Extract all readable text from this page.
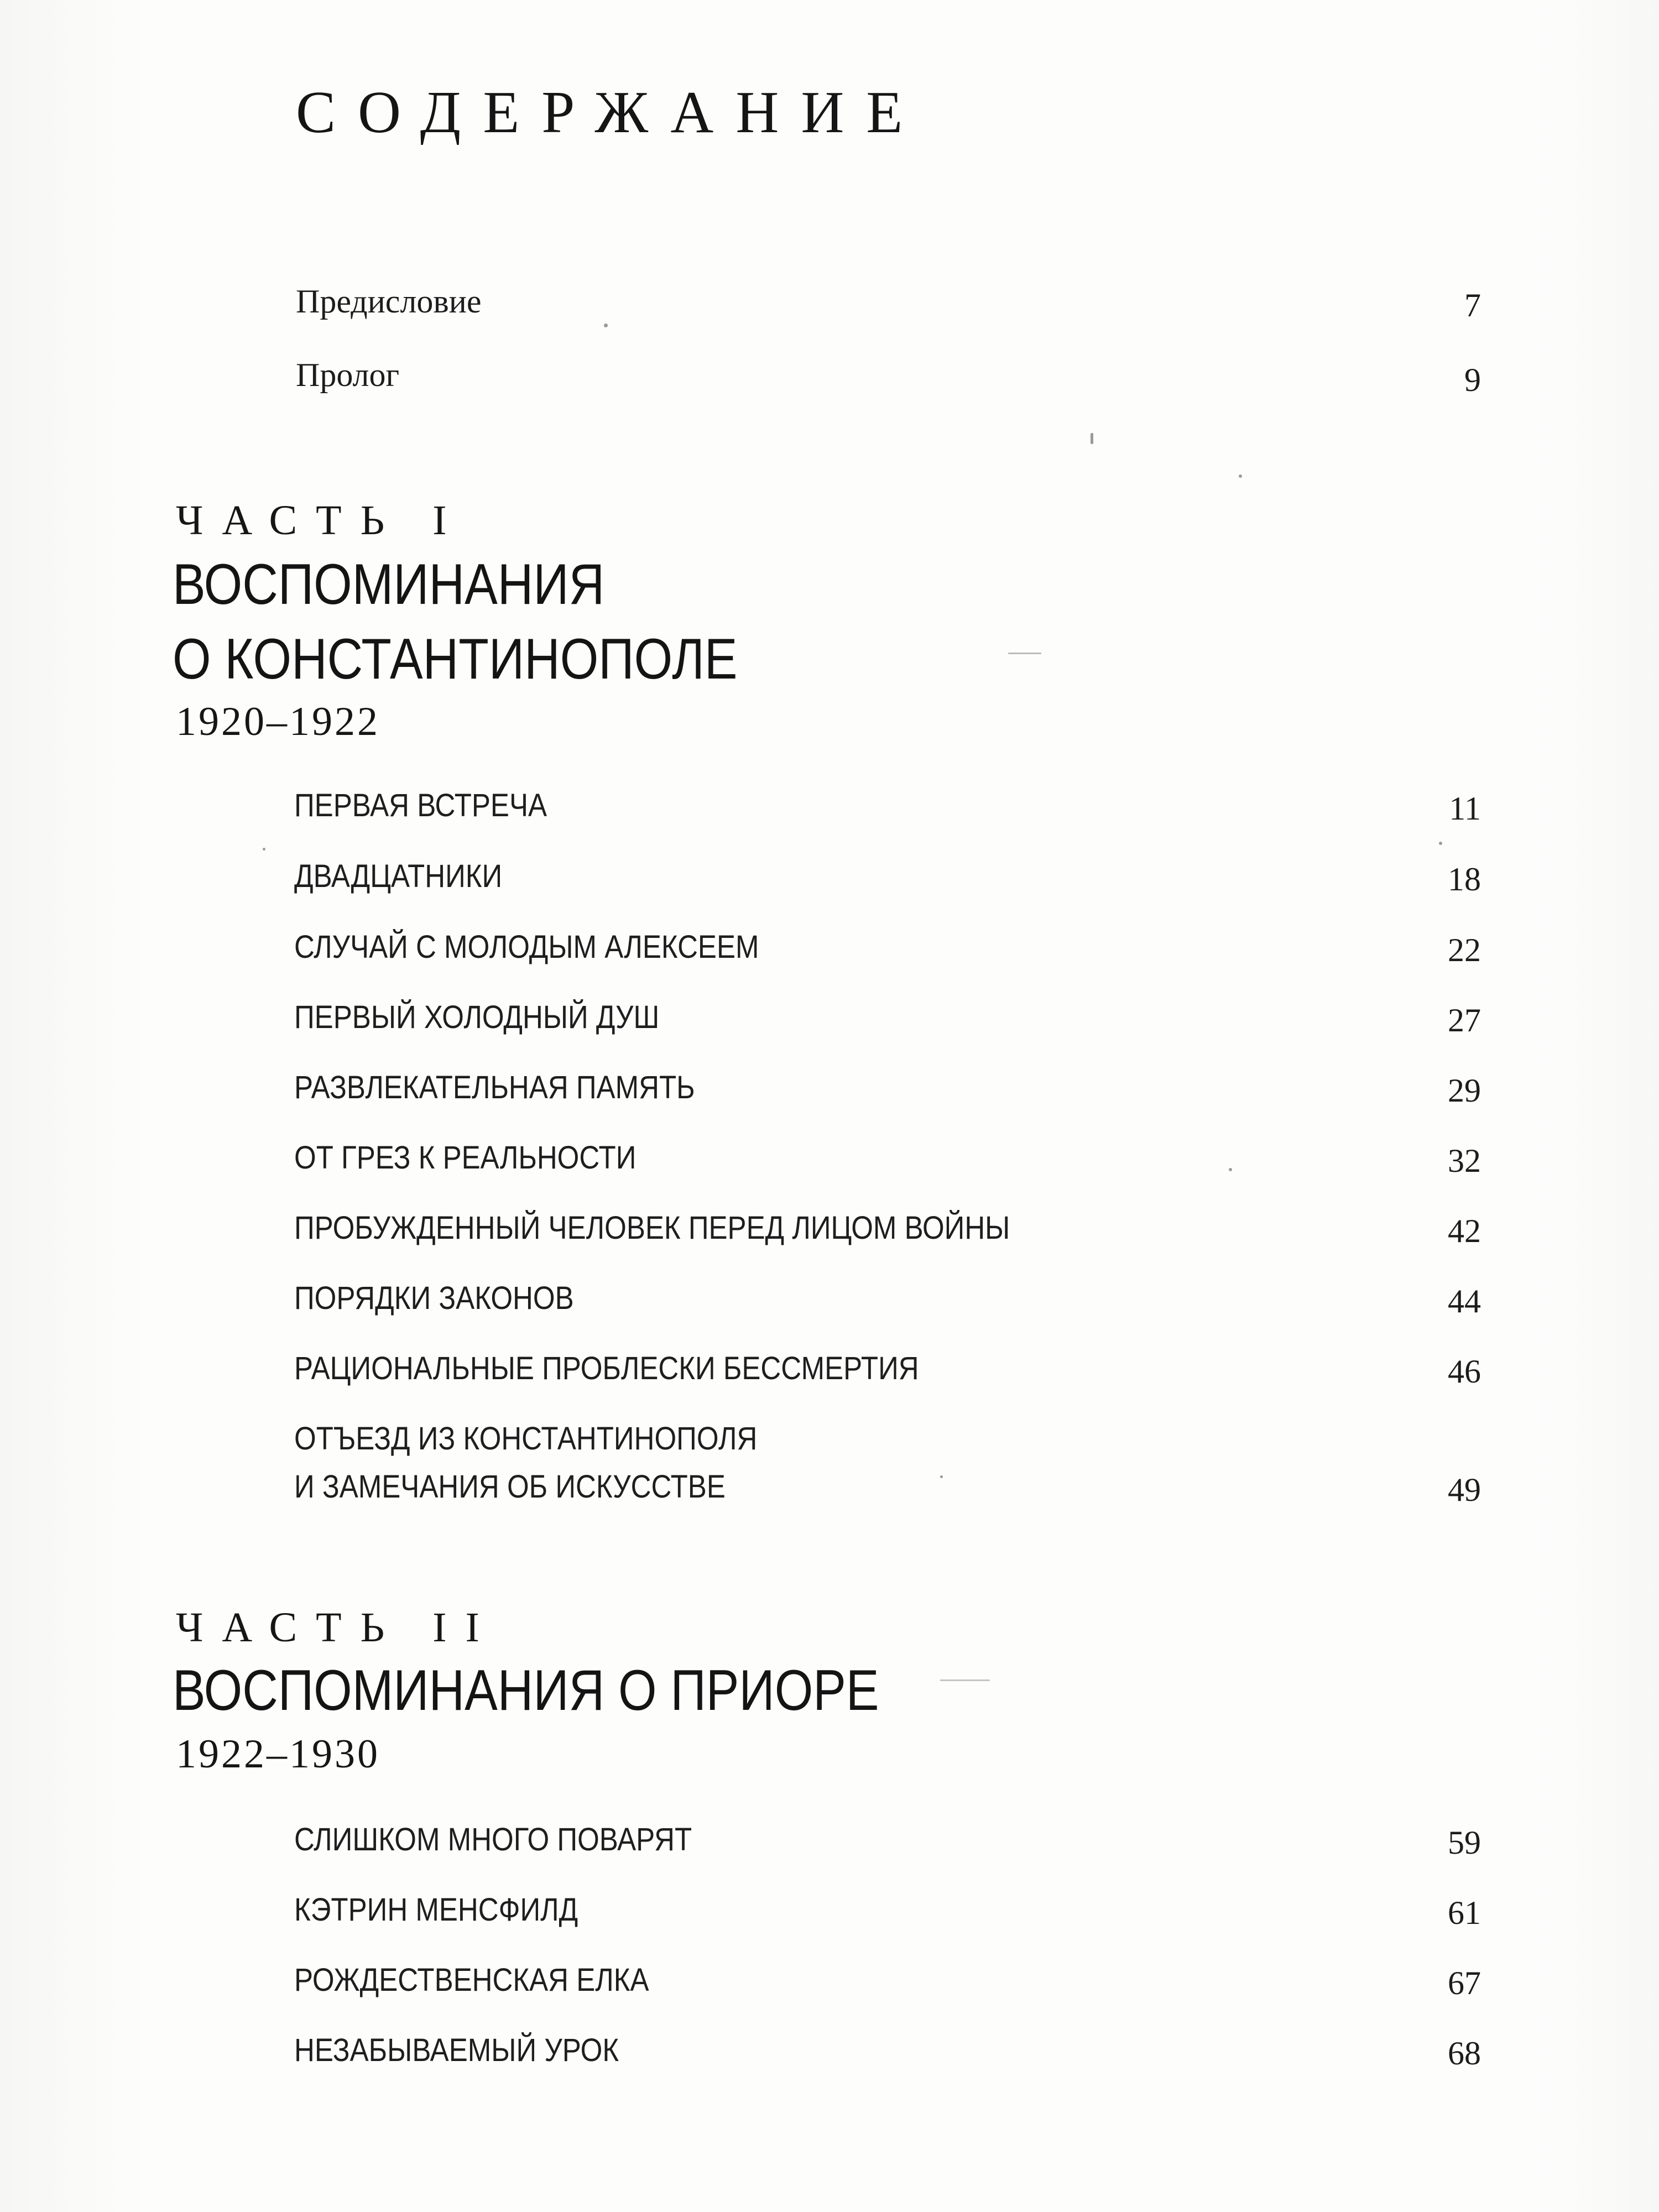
СОДЕРЖАНИЕ
Предисловие	7
Пролог	9
ЧАСТЬ I
ВОСПОМИНАНИЯ
О КОНСТАНТИНОПОЛЕ
1920–1922
ПЕРВАЯ ВСТРЕЧА	11
ДВАДЦАТНИКИ	18
СЛУЧАЙ С МОЛОДЫМ АЛЕКСЕЕМ	22
ПЕРВЫЙ ХОЛОДНЫЙ ДУШ	27
РАЗВЛЕКАТЕЛЬНАЯ ПАМЯТЬ	29
ОТ ГРЕЗ К РЕАЛЬНОСТИ	32
ПРОБУЖДЕННЫЙ ЧЕЛОВЕК ПЕРЕД ЛИЦОМ ВОЙНЫ	42
ПОРЯДКИ ЗАКОНОВ	44
РАЦИОНАЛЬНЫЕ ПРОБЛЕСКИ БЕССМЕРТИЯ	46
ОТЪЕЗД ИЗ КОНСТАНТИНОПОЛЯ
И ЗАМЕЧАНИЯ ОБ ИСКУССТВЕ	49
ЧАСТЬ II
ВОСПОМИНАНИЯ О ПРИОРЕ
1922–1930
СЛИШКОМ МНОГО ПОВАРЯТ	59
КЭТРИН МЕНСФИЛД	61
РОЖДЕСТВЕНСКАЯ ЕЛКА	67
НЕЗАБЫВАЕМЫЙ УРОК	68
